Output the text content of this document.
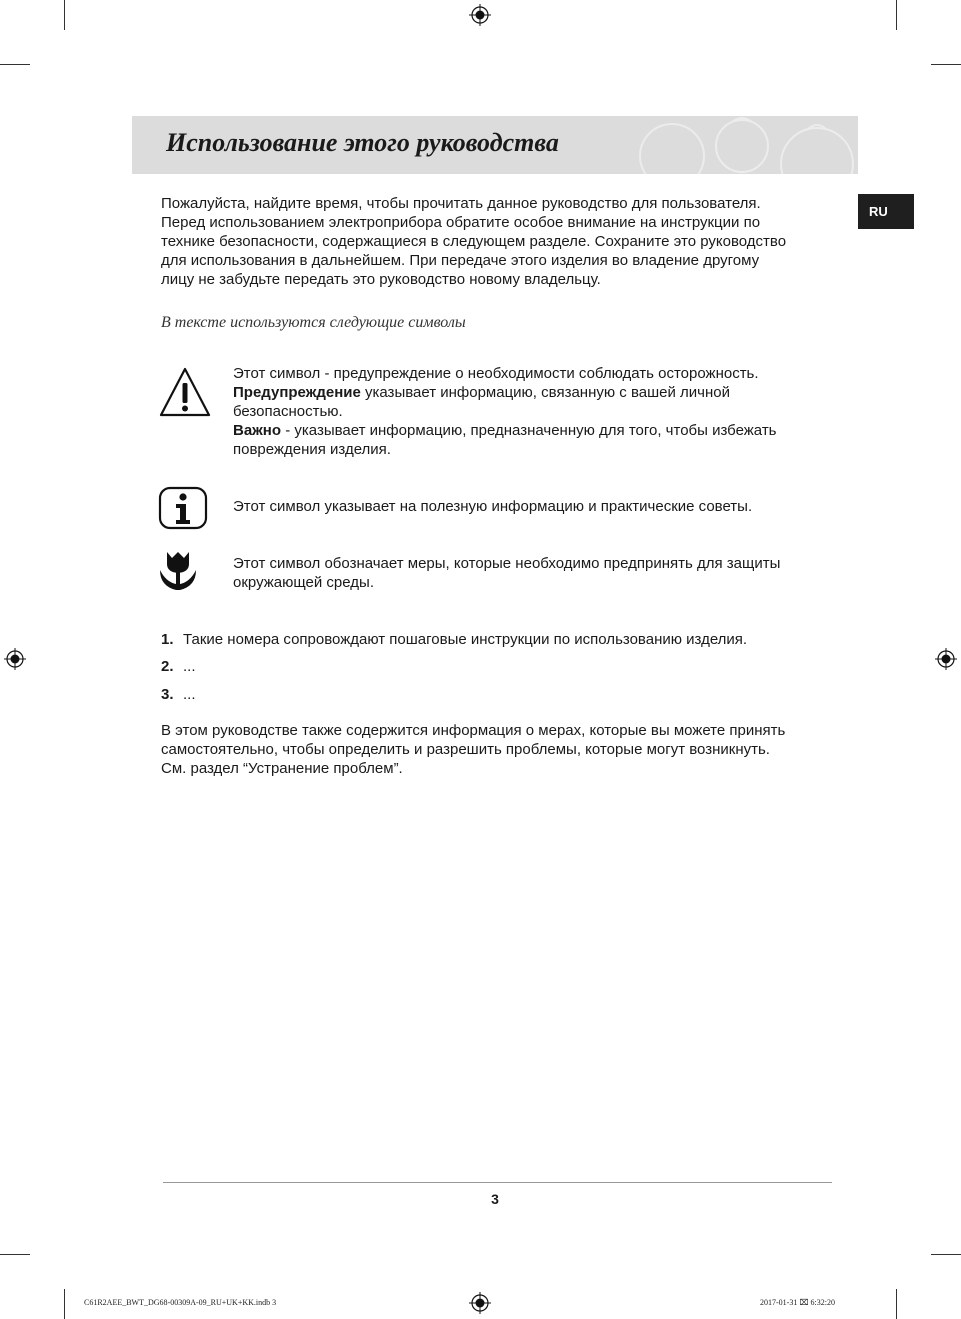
Использование этого руководства
RU
Пожалуйста, найдите время, чтобы прочитать данное руководство для пользователя.
Перед использованием электроприбора обратите особое внимание на инструкции по
технике безопасности, содержащиеся в следующем разделе. Сохраните это руководство
для использования в дальнейшем. При передаче этого изделия во владение другому
лицу не забудьте передать это руководство новому владельцу.
В тексте используются следующие символы
Этот символ - предупреждение о необходимости соблюдать осторожность.
Предупреждение указывает информацию, связанную с вашей личной
безопасностью.
Важно - указывает информацию, предназначенную для того, чтобы избежать
повреждения изделия.
Этот символ указывает на полезную информацию и практические советы.
Этот символ обозначает меры, которые необходимо предпринять для защиты
окружающей среды.
1. Такие номера сопровождают пошаговые инструкции по использованию изделия.
2. ...
3. ...
В этом руководстве также содержится информация о мерах, которые вы можете принять
самостоятельно, чтобы определить и разрешить проблемы, которые могут возникнуть.
См. раздел “Устранение проблем”.
3
C61R2AEE_BWT_DG68-00309A-09_RU+UK+KK.indb 3	2017-01-31 ⌧ 6:32:20
